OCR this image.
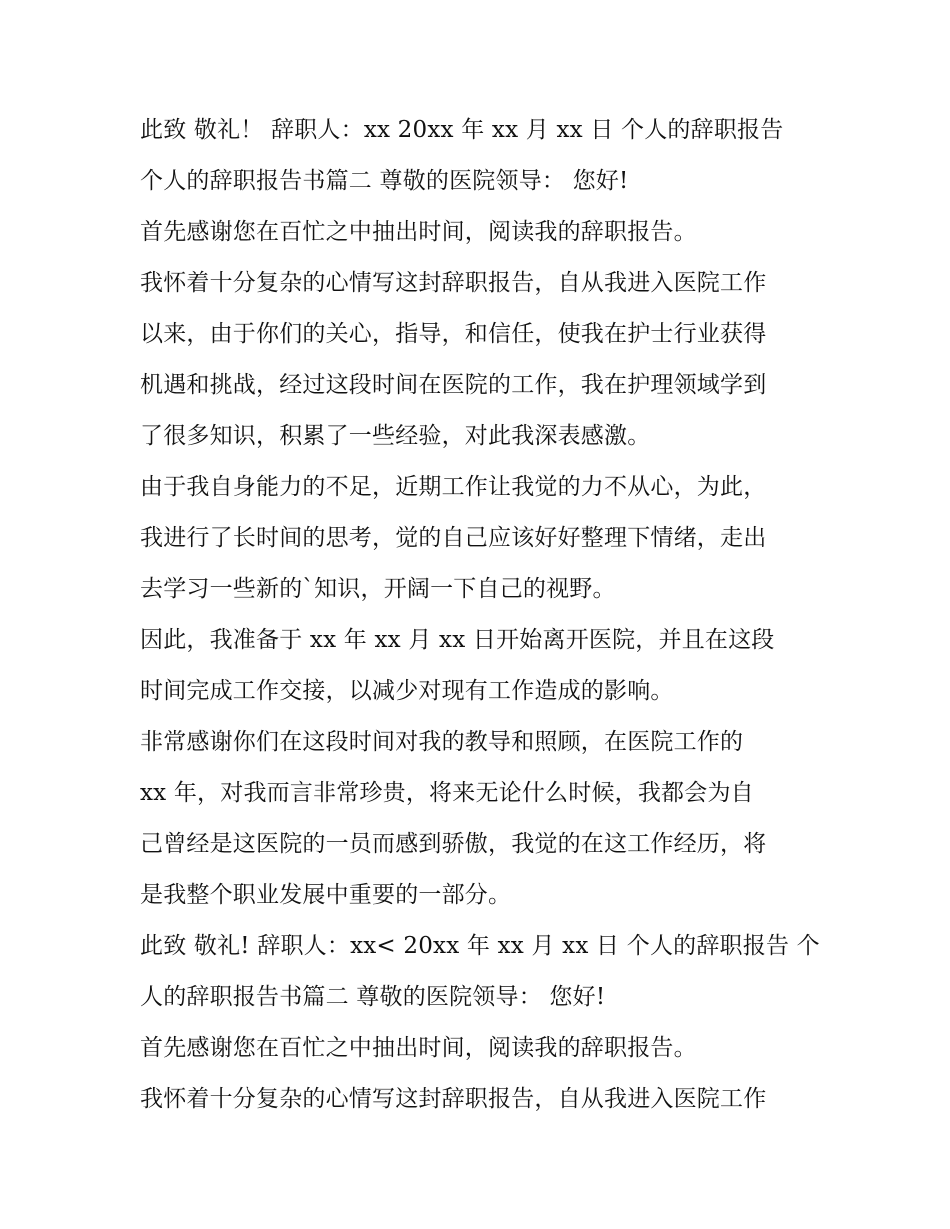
此致 敬礼！ 辞职人：xx 20xx 年 xx 月 xx 日 个人的辞职报告

个人的辞职报告书篇二 尊敬的医院领导： 您好!

首先感谢您在百忙之中抽出时间，阅读我的辞职报告。

我怀着十分复杂的心情写这封辞职报告，自从我进入医院工作

以来，由于你们的关心，指导，和信任，使我在护士行业获得

机遇和挑战，经过这段时间在医院的工作，我在护理领域学到

了很多知识，积累了一些经验，对此我深表感激。

由于我自身能力的不足，近期工作让我觉的力不从心，为此，

我进行了长时间的思考，觉的自己应该好好整理下情绪，走出

去学习一些新的`知识，开阔一下自己的视野。

因此，我准备于 xx 年 xx 月 xx 日开始离开医院，并且在这段

时间完成工作交接，以减少对现有工作造成的影响。

非常感谢你们在这段时间对我的教导和照顾，在医院工作的

xx 年，对我而言非常珍贵，将来无论什么时候，我都会为自

己曾经是这医院的一员而感到骄傲，我觉的在这工作经历，将

是我整个职业发展中重要的一部分。

此致 敬礼! 辞职人：xx< 20xx 年 xx 月 xx 日 个人的辞职报告 个

人的辞职报告书篇二 尊敬的医院领导： 您好!

首先感谢您在百忙之中抽出时间，阅读我的辞职报告。

我怀着十分复杂的心情写这封辞职报告，自从我进入医院工作
